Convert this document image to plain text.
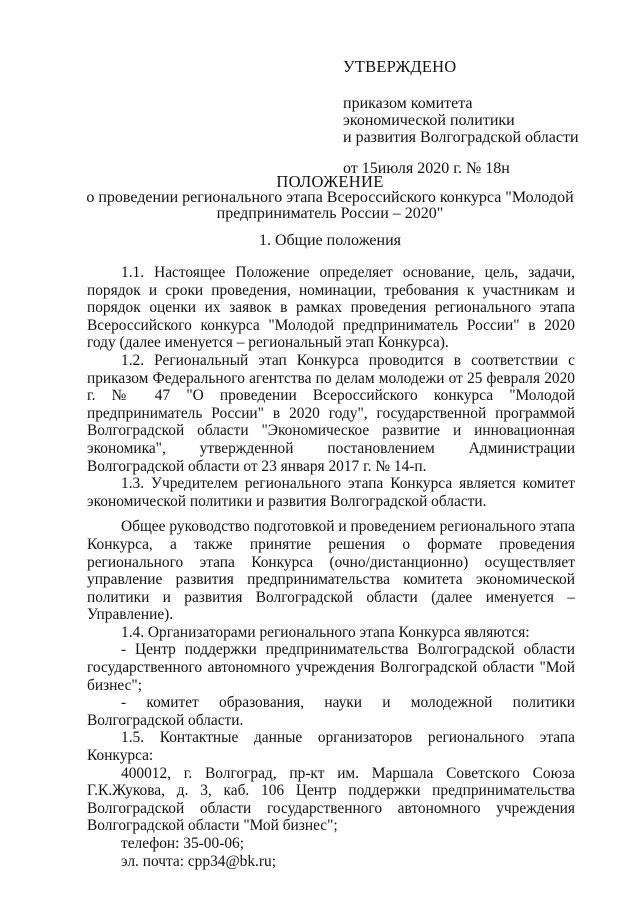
УТВЕРЖДЕНО
приказом комитета
экономической политики
и развития Волгоградской области
от 15июля 2020 г. № 18н
ПОЛОЖЕНИЕ
о проведении регионального этапа Всероссийского конкурса "Молодой
предприниматель России – 2020"
1. Общие положения

1.1. Настоящее Положение определяет основание, цель, задачи, порядок и сроки проведения, номинации, требования к участникам и порядок оценки их заявок в рамках проведения регионального этапа Всероссийского конкурса "Молодой предприниматель России" в 2020 году (далее именуется – региональный этап Конкурса).

1.2. Региональный этап Конкурса проводится в соответствии с приказом Федерального агентства по делам молодежи от 25 февраля 2020 г. № 47 "О проведении Всероссийского конкурса "Молодой предприниматель России" в 2020 году", государственной программой Волгоградской области "Экономическое развитие и инновационная экономика", утвержденной постановлением Администрации Волгоградской области от 23 января 2017 г. № 14-п.

1.3. Учредителем регионального этапа Конкурса является комитет экономической политики и развития Волгоградской области.

Общее руководство подготовкой и проведением регионального этапа Конкурса, а также принятие решения о формате проведения регионального этапа Конкурса (очно/дистанционно) осуществляет управление развития предпринимательства комитета экономической политики и развития Волгоградской области (далее именуется – Управление).

1.4. Организаторами регионального этапа Конкурса являются:

- Центр поддержки предпринимательства Волгоградской области государственного автономного учреждения Волгоградской области "Мой бизнес";

- комитет образования, науки и молодежной политики Волгоградской области.

1.5. Контактные данные организаторов регионального этапа Конкурса:

400012, г. Волгоград, пр-кт им. Маршала Советского Союза Г.К.Жукова, д. 3, каб. 106 Центр поддержки предпринимательства Волгоградской области государственного автономного учреждения Волгоградской области "Мой бизнес";

телефон: 35-00-06;

эл. почта: cpp34@bk.ru;
